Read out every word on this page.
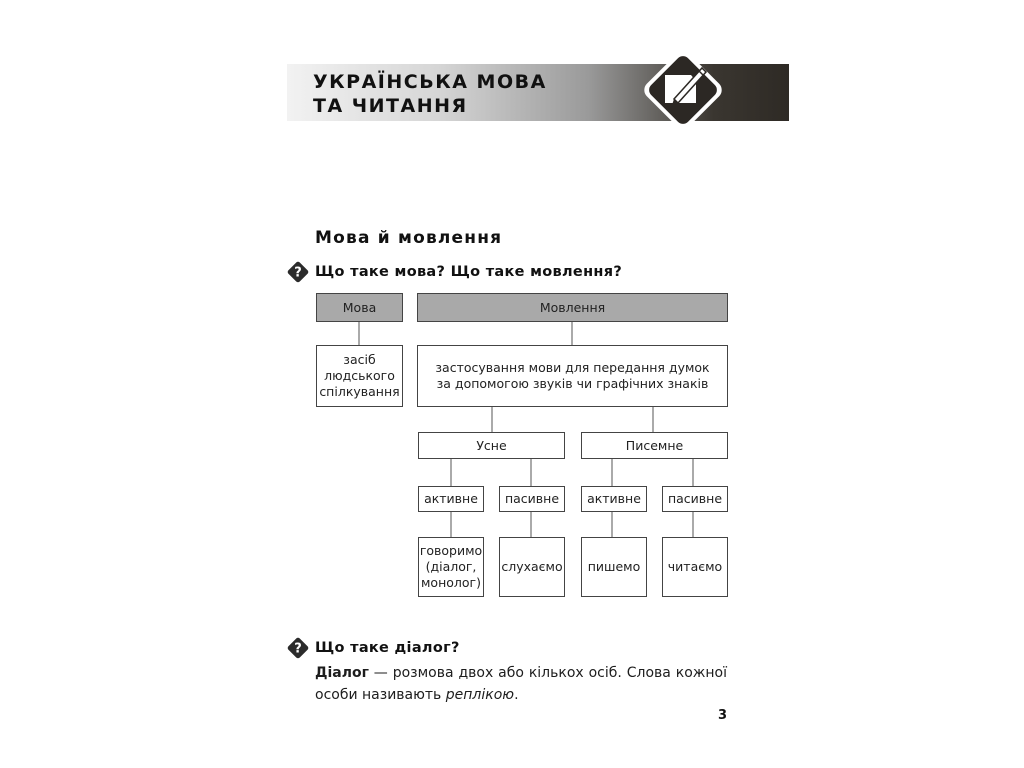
УКРАЇНСЬКА МОВА
ТА ЧИТАННЯ
Мова й мовлення
? Що таке мова? Що таке мовлення?
Мова	Мовлення
засіб
людського
спілкування
застосування мови для передання думок
за допомогою звуків чи графічних знаків
Усне	Писемне
активне пасивне активне пасивне
говоримо
(діалог,
монолог)
слухаємо пишемо читаємо
? Що таке діалог?
Діалог — розмова двох або кількох осіб. Слова кожної особи називають реплікою.
3
